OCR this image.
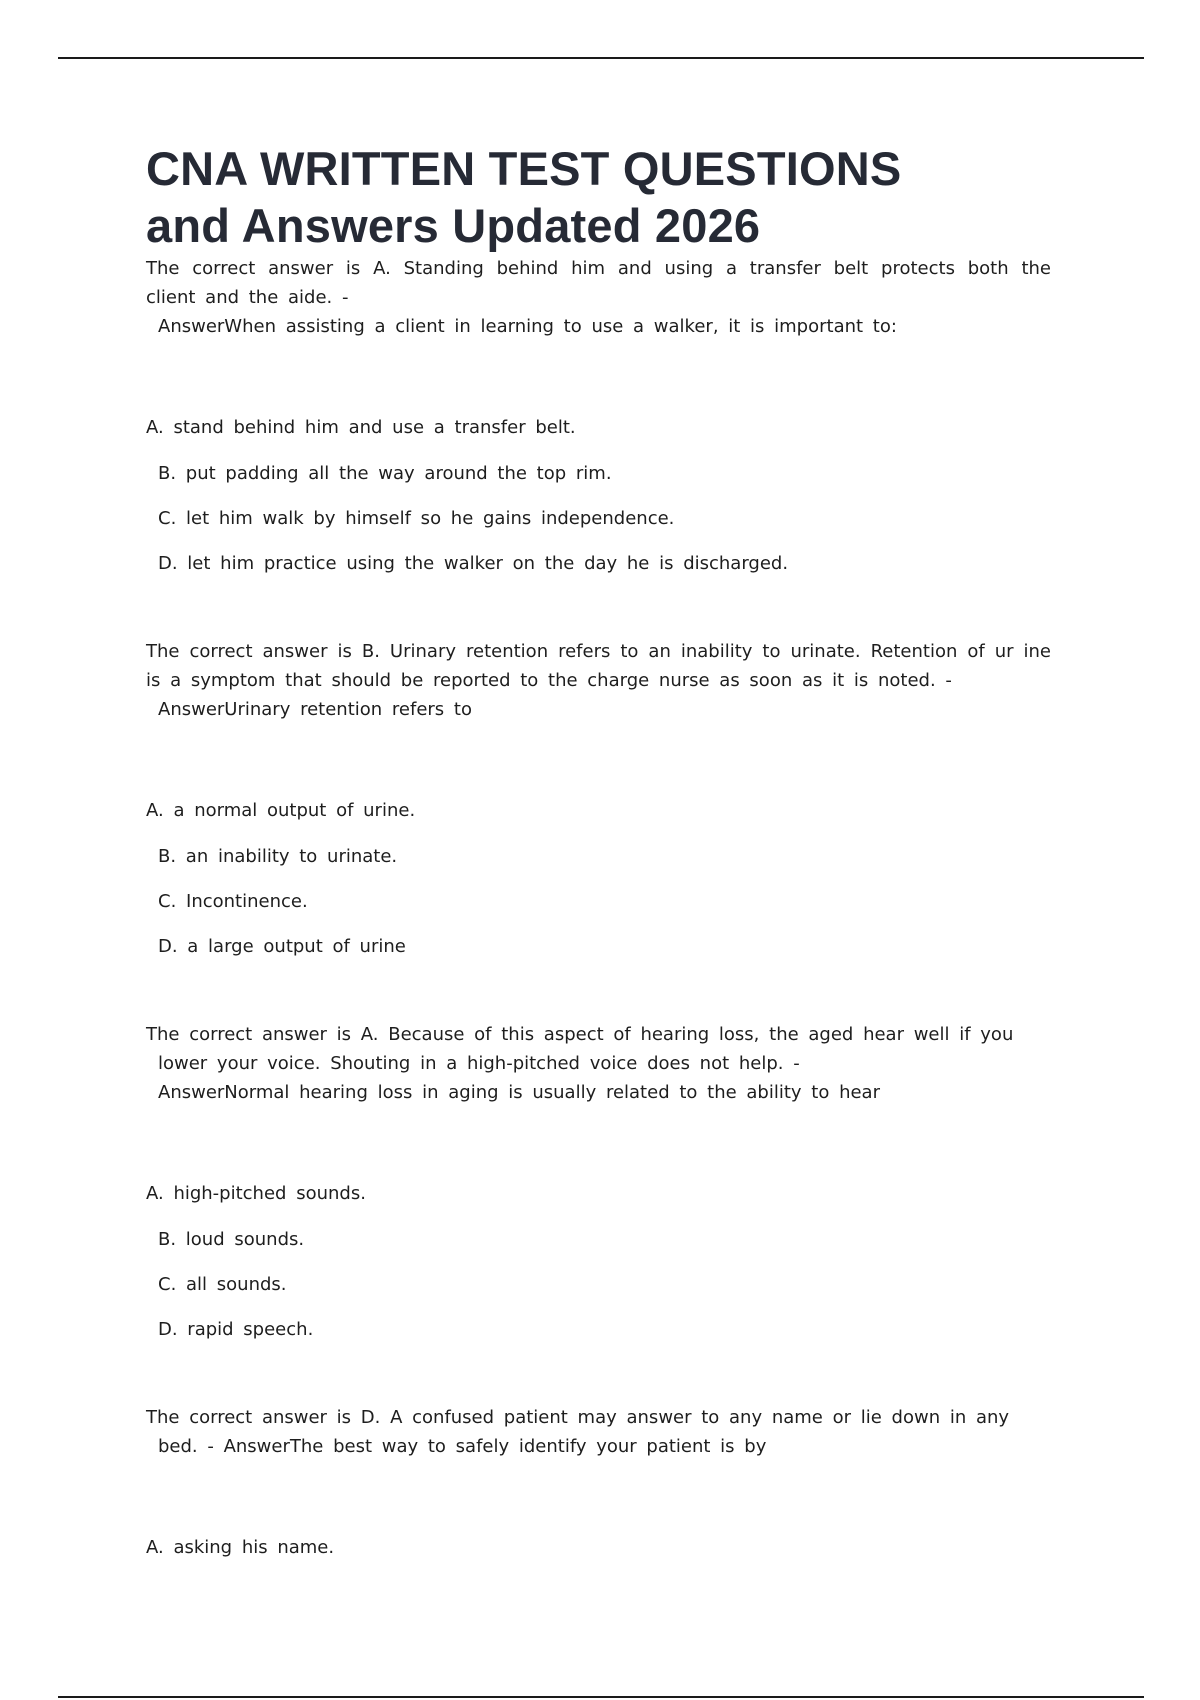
CNA WRITTEN TEST QUESTIONS
and Answers Updated 2026

The correct answer is A. Standing behind him and using a transfer belt protects both the client and the aide. -
AnswerWhen assisting a client in learning to use a walker, it is important to:

A. stand behind him and use a transfer belt.
B. put padding all the way around the top rim.
C. let him walk by himself so he gains independence.
D. let him practice using the walker on the day he is discharged.

The correct answer is B. Urinary retention refers to an inability to urinate. Retention of ur ine is a symptom that should be reported to the charge nurse as soon as it is noted. -
AnswerUrinary retention refers to

A. a normal output of urine.
B. an inability to urinate.
C. Incontinence.
D. a large output of urine

The correct answer is A. Because of this aspect of hearing loss, the aged hear well if you
lower your voice. Shouting in a high-pitched voice does not help. -
AnswerNormal hearing loss in aging is usually related to the ability to hear

A. high-pitched sounds.
B. loud sounds.
C. all sounds.
D. rapid speech.

The correct answer is D. A confused patient may answer to any name or lie down in any
bed. - AnswerThe best way to safely identify your patient is by

A. asking his name.
